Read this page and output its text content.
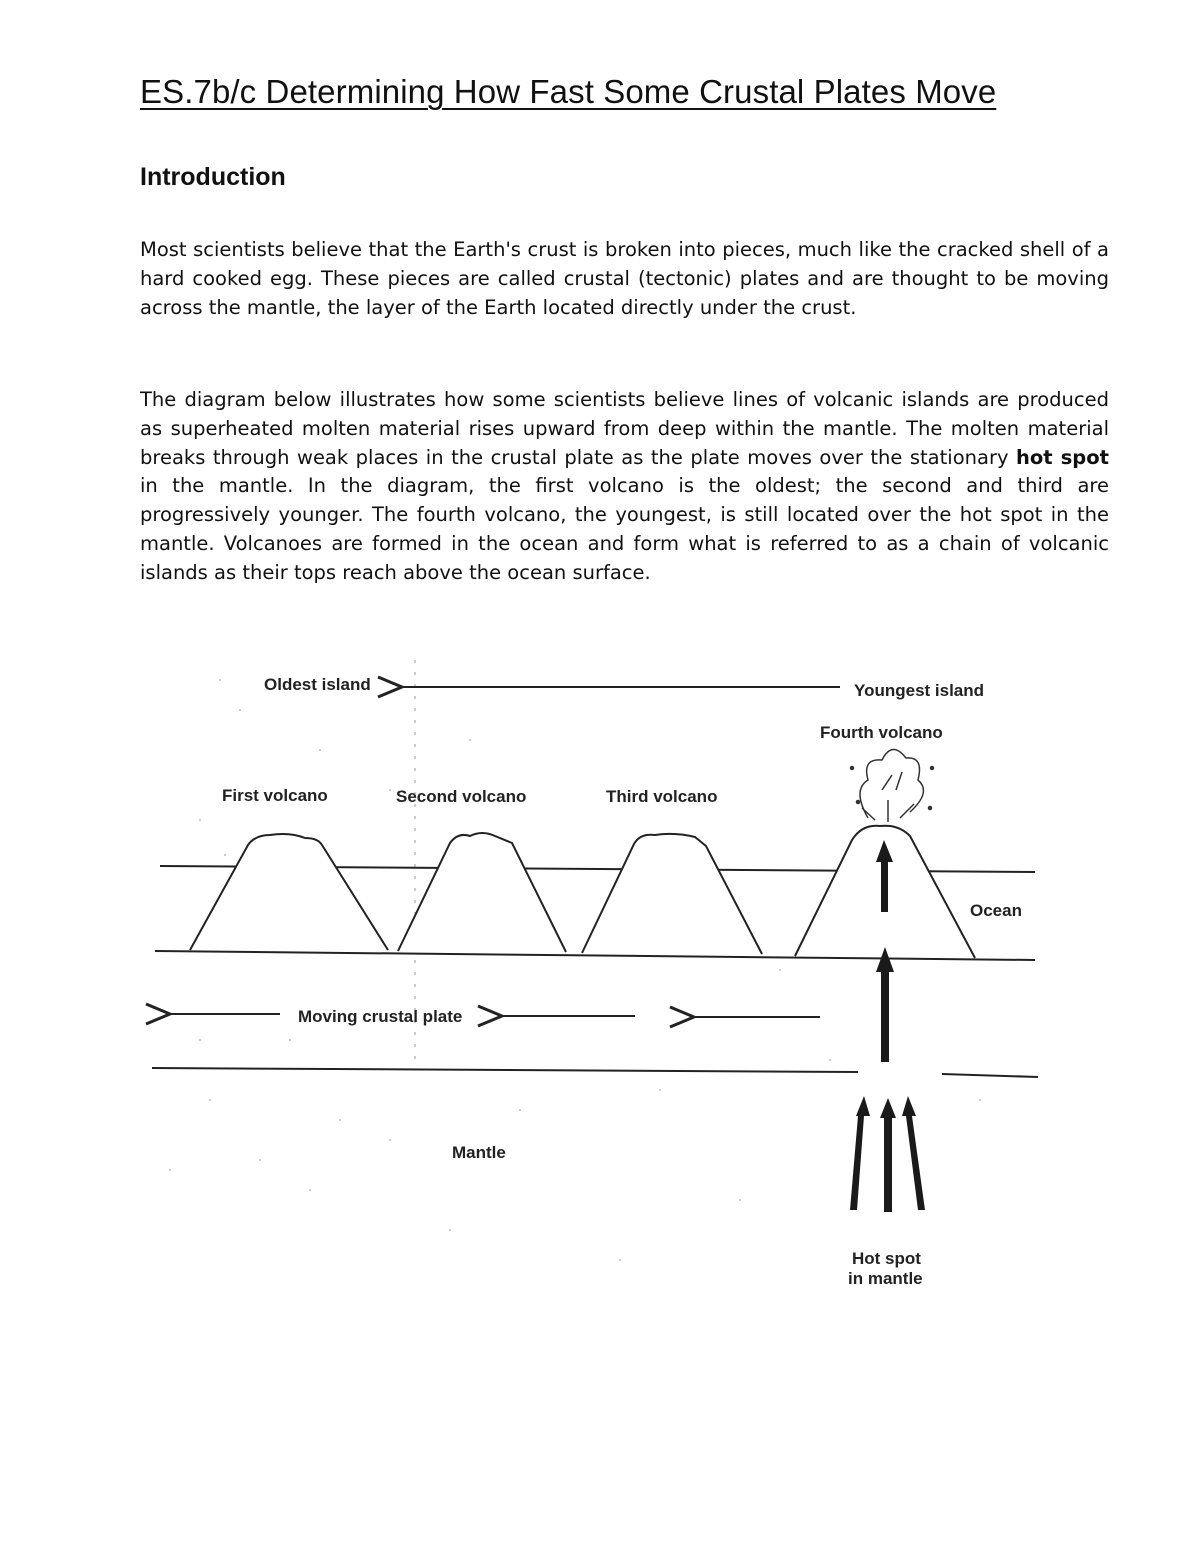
ES.7b/c Determining How Fast Some Crustal Plates Move
Introduction

Most scientists believe that the Earth's crust is broken into pieces, much like the cracked shell of a hard cooked egg. These pieces are called crustal (tectonic) plates and are thought to be moving across the mantle, the layer of the Earth located directly under the crust.

The diagram below illustrates how some scientists believe lines of volcanic islands are produced as superheated molten material rises upward from deep within the mantle. The molten material breaks through weak places in the crustal plate as the plate moves over the stationary hot spot in the mantle. In the diagram, the first volcano is the oldest; the second and third are progressively younger. The fourth volcano, the youngest, is still located over the hot spot in the mantle. Volcanoes are formed in the ocean and form what is referred to as a chain of volcanic islands as their tops reach above the ocean surface.

Oldest island	Youngest island
Fourth volcano
First volcano	Second volcano	Third volcano
Ocean
Moving crustal plate
Mantle
Hot spot
in mantle
